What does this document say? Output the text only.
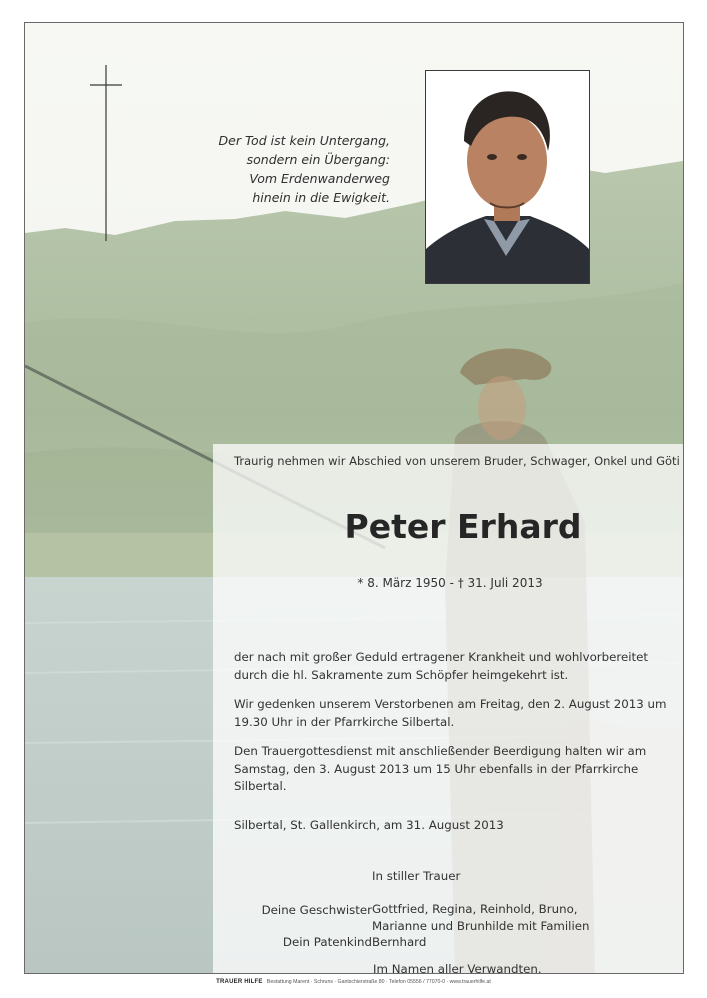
Der Tod ist kein Untergang,
sondern ein Übergang:
Vom Erdenwanderweg
hinein in die Ewigkeit.
Traurig nehmen wir Abschied von unserem Bruder, Schwager, Onkel und Göti
Peter Erhard
* 8. März 1950 - † 31. Juli 2013
der nach mit großer Geduld ertragener Krankheit und wohlvorbereitet durch die hl. Sakramente zum Schöpfer heimgekehrt ist.
Wir gedenken unserem Verstorbenen am Freitag, den 2. August 2013 um 19.30 Uhr in der Pfarrkirche Silbertal.
Den Trauergottesdienst mit anschließender Beerdigung halten wir am Samstag, den 3. August 2013 um 15 Uhr ebenfalls in der Pfarrkirche Silbertal.
Silbertal, St. Gallenkirch, am 31. August 2013
In stiller Trauer
Deine Geschwister Gottfried, Regina, Reinhold, Bruno,
Marianne und Brunhilde mit Familien
Dein Patenkind Bernhard
Im Namen aller Verwandten.
TRAUER HILFE Bestattung Marent · Schruns · Gantschierstraße 80 · Telefon 05556 / 77070-0 · www.trauerhilfe.at
